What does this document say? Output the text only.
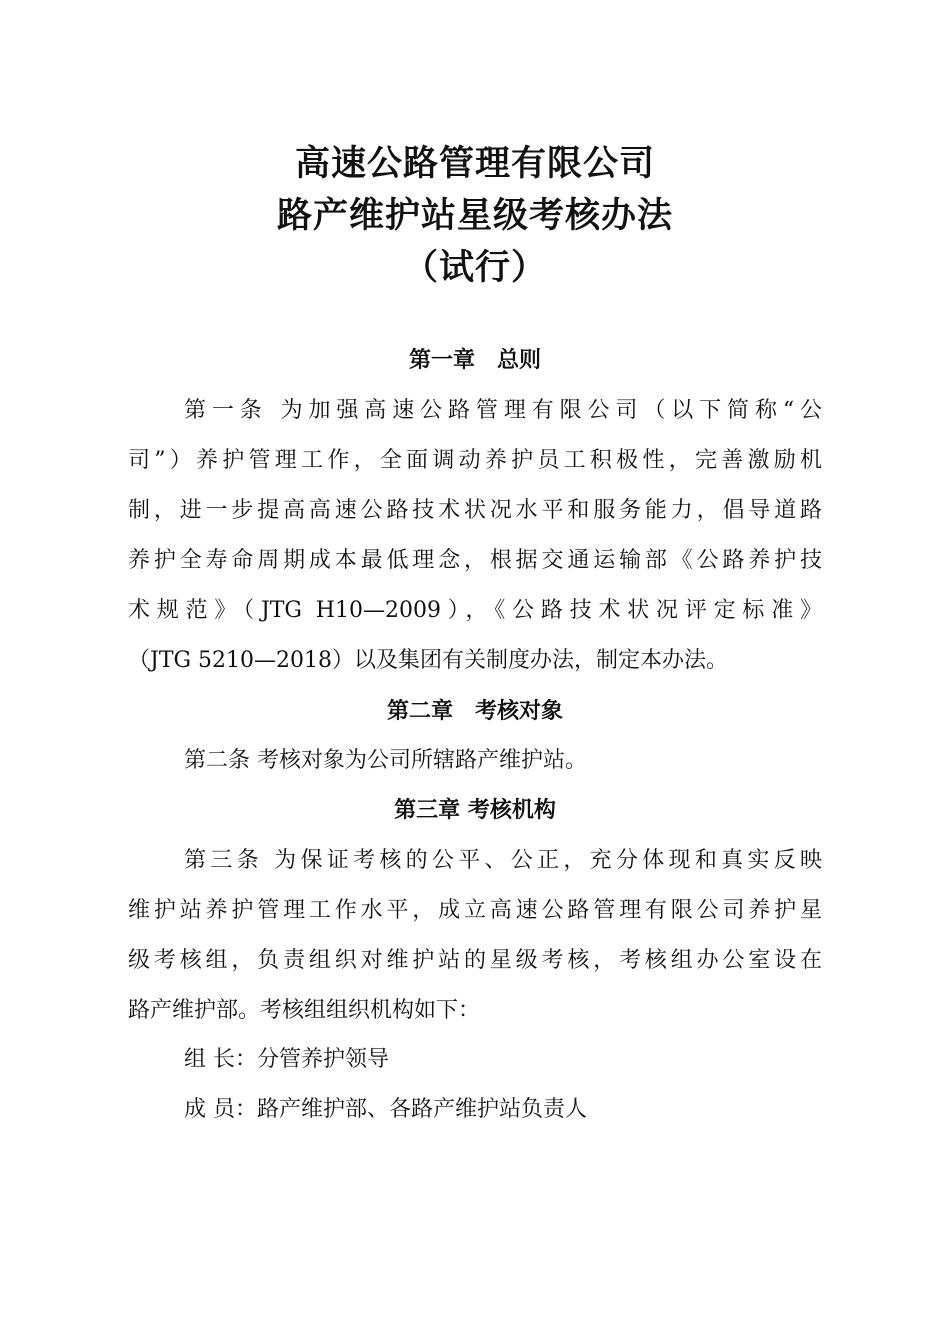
高速公路管理有限公司
路产维护站星级考核办法
（试行）
第一章　总则
第一条 为加强高速公路管理有限公司（以下简称“公
司”）养护管理工作，全面调动养护员工积极性，完善激励机
制，进一步提高高速公路技术状况水平和服务能力，倡导道路
养护全寿命周期成本最低理念，根据交通运输部《公路养护技
术规范》（JTG H10—2009），《公路技术状况评定标准》
（JTG 5210—2018）以及集团有关制度办法，制定本办法。
第二章　考核对象
第二条 考核对象为公司所辖路产维护站。
第三章 考核机构
第三条 为保证考核的公平、公正，充分体现和真实反映
维护站养护管理工作水平，成立高速公路管理有限公司养护星
级考核组，负责组织对维护站的星级考核，考核组办公室设在
路产维护部。考核组组织机构如下：
组 长：分管养护领导
成 员：路产维护部、各路产维护站负责人
